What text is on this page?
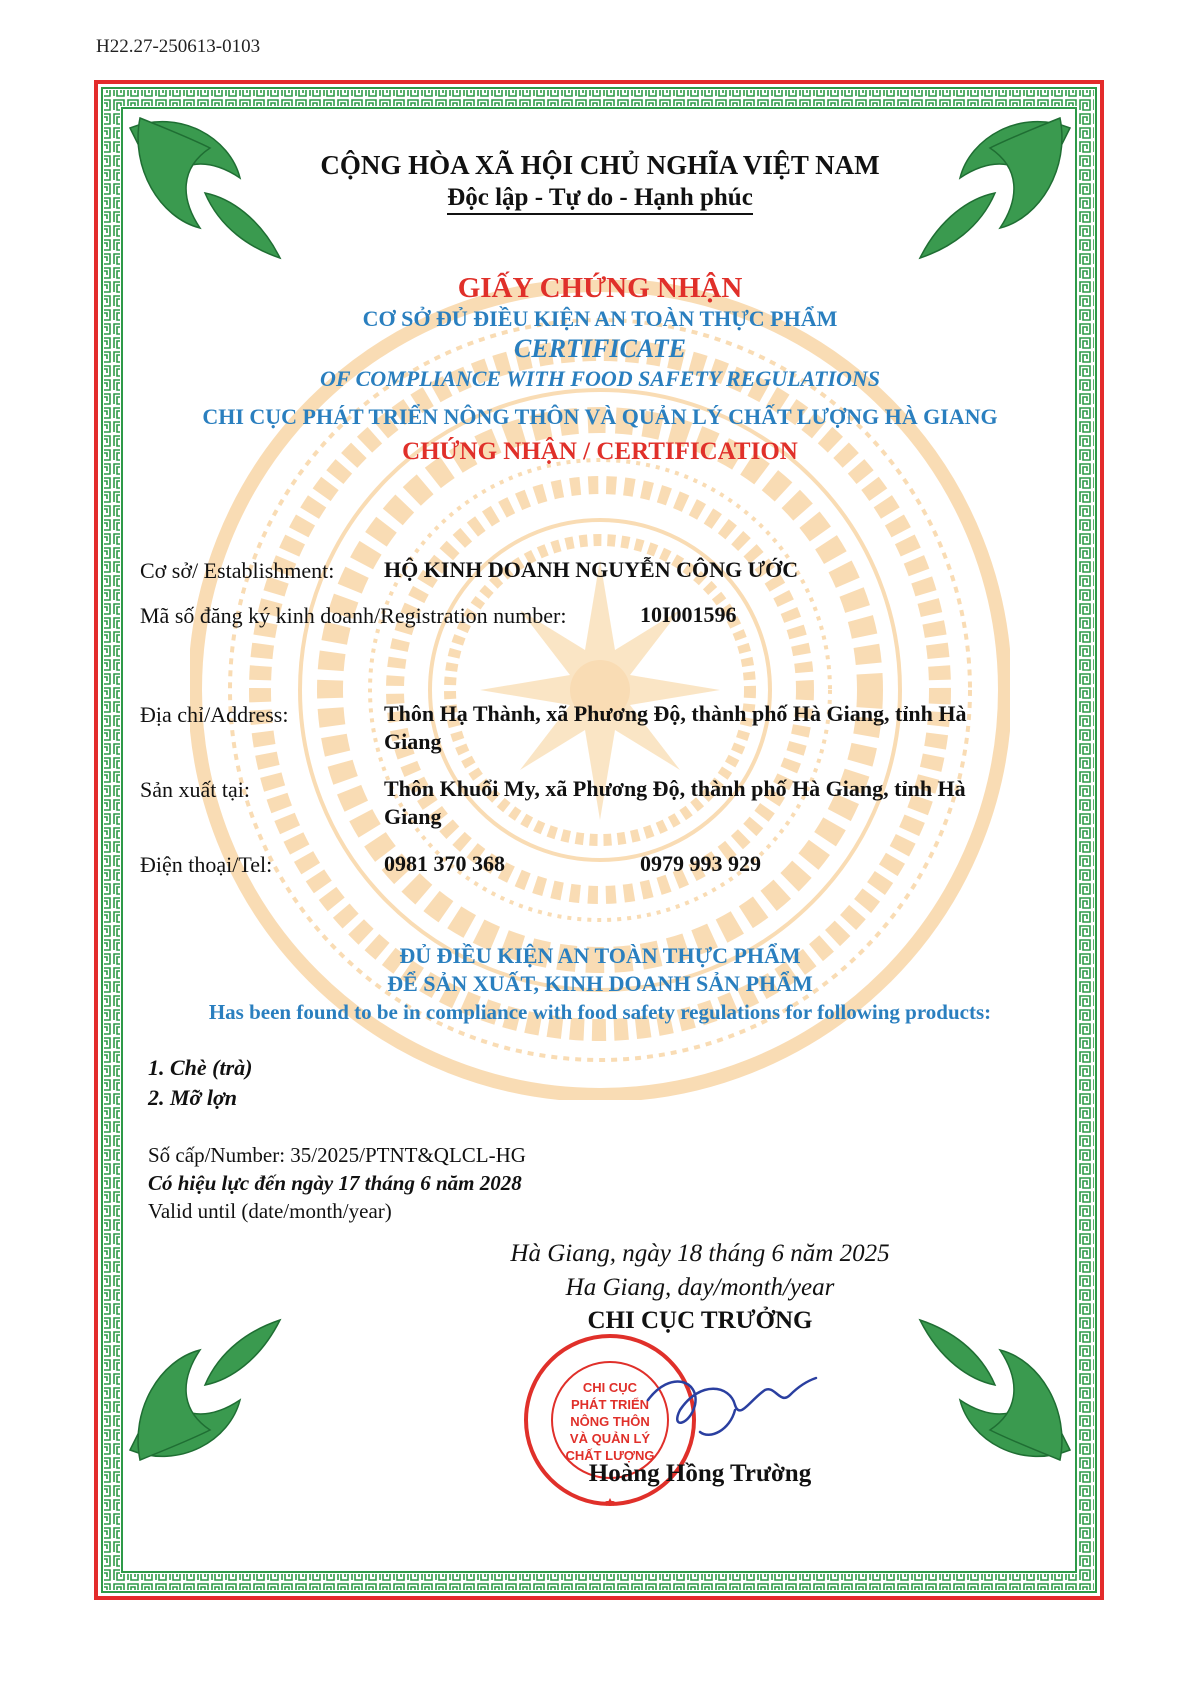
H22.27-250613-0103
CỘNG HÒA XÃ HỘI CHỦ NGHĨA VIỆT NAM
Độc lập - Tự do - Hạnh phúc
GIẤY CHỨNG NHẬN
CƠ SỞ ĐỦ ĐIỀU KIỆN AN TOÀN THỰC PHẨM
CERTIFICATE
OF COMPLIANCE WITH FOOD SAFETY REGULATIONS
CHI CỤC PHÁT TRIỂN NÔNG THÔN VÀ QUẢN LÝ CHẤT LƯỢNG HÀ GIANG
CHỨNG NHẬN / CERTIFICATION
Cơ sở/ Establishment: HỘ KINH DOANH NGUYỄN CÔNG ƯỚC
Mã số đăng ký kinh doanh/Registration number:	10I001596
Địa chỉ/Address:	Thôn Hạ Thành, xã Phương Độ, thành phố Hà Giang, tỉnh Hà
Giang
Sản xuất tại:	Thôn Khuổi My, xã Phương Độ, thành phố Hà Giang, tỉnh Hà
Giang
Điện thoại/Tel:	0981 370 368	0979 993 929
ĐỦ ĐIỀU KIỆN AN TOÀN THỰC PHẨM
ĐỂ SẢN XUẤT, KINH DOANH SẢN PHẨM
Has been found to be in compliance with food safety regulations for following products:
1. Chè (trà)
2. Mỡ lợn
Số cấp/Number: 35/2025/PTNT&QLCL-HG
Có hiệu lực đến ngày 17 tháng 6 năm 2028
Valid until (date/month/year)
Hà Giang, ngày 18 tháng 6 năm 2025
Ha Giang, day/month/year
CHI CỤC TRƯỞNG
CHI CỤC
PHÁT TRIỂN
NÔNG THÔN
VÀ QUẢN LÝ
CHẤT LƯỢNG
Hoàng Hồng Trường
